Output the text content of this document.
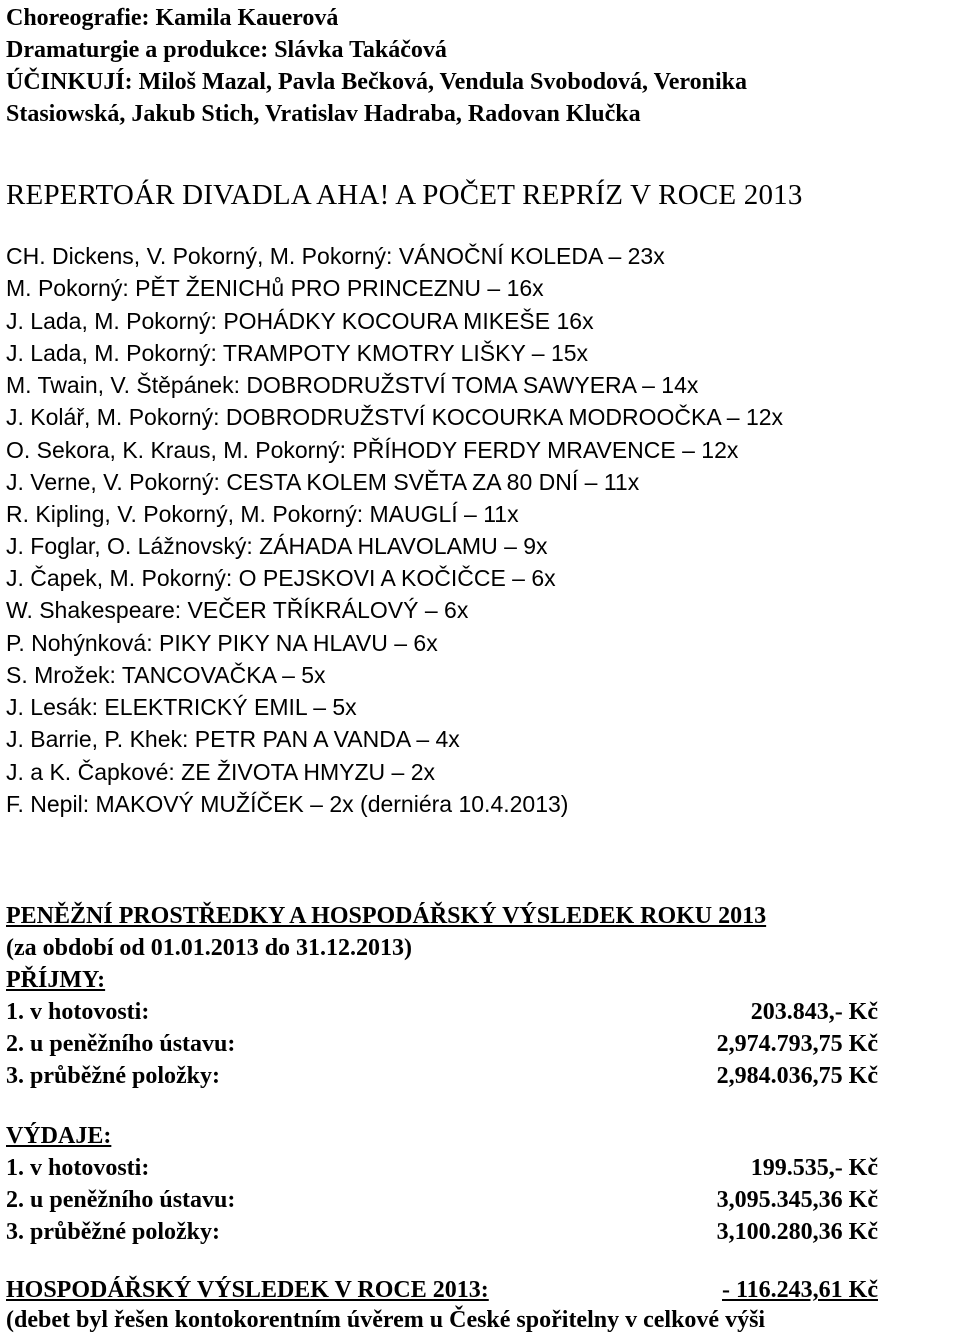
Choreografie: Kamila Kauerová
Dramaturgie a produkce: Slávka Takáčová
ÚČINKUJÍ: Miloš Mazal, Pavla Bečková, Vendula Svobodová, Veronika
Stasiowská, Jakub Stich, Vratislav Hadraba, Radovan Klučka
REPERTOÁR DIVADLA AHA! A POČET REPRÍZ V ROCE 2013
CH. Dickens, V. Pokorný, M. Pokorný: VÁNOČNÍ KOLEDA – 23x
M. Pokorný: PĚT ŽENICHů PRO PRINCEZNU – 16x
J. Lada, M. Pokorný: POHÁDKY KOCOURA MIKEŠE 16x
J. Lada, M. Pokorný: TRAMPOTY KMOTRY LIŠKY – 15x
M. Twain, V. Štěpánek: DOBRODRUŽSTVÍ TOMA SAWYERA – 14x
J. Kolář, M. Pokorný: DOBRODRUŽSTVÍ KOCOURKA MODROOČKA – 12x
O. Sekora, K. Kraus, M. Pokorný: PŘÍHODY FERDY MRAVENCE – 12x
J. Verne, V. Pokorný: CESTA KOLEM SVĚTA ZA 80 DNÍ – 11x
R. Kipling, V. Pokorný, M. Pokorný: MAUGLÍ – 11x
J. Foglar, O. Lážnovský: ZÁHADA HLAVOLAMU – 9x
J. Čapek, M. Pokorný: O PEJSKOVI A KOČIČCE – 6x
W. Shakespeare: VEČER TŘÍKRÁLOVÝ – 6x
P. Nohýnková: PIKY PIKY NA HLAVU – 6x
S. Mrožek: TANCOVAČKA – 5x
J. Lesák: ELEKTRICKÝ EMIL – 5x
J. Barrie, P. Khek: PETR PAN A VANDA – 4x
J. a K. Čapkové: ZE ŽIVOTA HMYZU – 2x
F. Nepil: MAKOVÝ MUŽÍČEK – 2x (derniéra 10.4.2013)
PENĚŽNÍ PROSTŘEDKY A HOSPODÁŘSKÝ VÝSLEDEK ROKU 2013
(za období od 01.01.2013 do 31.12.2013)
PŘÍJMY:
1. v hotovosti:	203.843,- Kč
2. u peněžního ústavu:	2,974.793,75 Kč
3. průběžné položky:	2,984.036,75 Kč
VÝDAJE:
1. v hotovosti:	199.535,- Kč
2. u peněžního ústavu:	3,095.345,36 Kč
3. průběžné položky:	3,100.280,36 Kč
HOSPODÁŘSKÝ VÝSLEDEK V ROCE 2013:	- 116.243,61 Kč
(debet byl řešen kontokorentním úvěrem u České spořitelny v celkové výši
